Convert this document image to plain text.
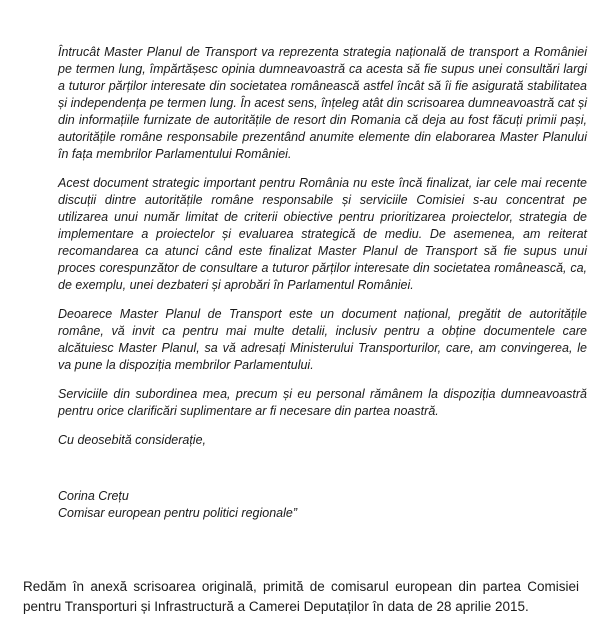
Întrucât Master Planul de Transport va reprezenta strategia națională de transport a României pe termen lung, împărtășesc opinia dumneavoastră ca acesta să fie supus unei consultări largi a tuturor părților interesate din societatea românească astfel încât să îi fie asigurată stabilitatea și independența pe termen lung. În acest sens, înțeleg atât din scrisoarea dumneavoastră cat și din informațiile furnizate de autoritățile de resort din Romania că deja au fost făcuți primii pași, autoritățile române responsabile prezentând anumite elemente din elaborarea Master Planului în fața membrilor Parlamentului României.

Acest document strategic important pentru România nu este încă finalizat, iar cele mai recente discuții dintre autoritățile române responsabile și serviciile Comisiei s-au concentrat pe utilizarea unui număr limitat de criterii obiective pentru prioritizarea proiectelor, strategia de implementare a proiectelor și evaluarea strategică de mediu. De asemenea, am reiterat recomandarea ca atunci când este finalizat Master Planul de Transport să fie supus unui proces corespunzător de consultare a tuturor părților interesate din societatea românească, ca, de exemplu, unei dezbateri și aprobări în Parlamentul României.

Deoarece Master Planul de Transport este un document național, pregătit de autoritățile române, vă invit ca pentru mai multe detalii, inclusiv pentru a obține documentele care alcătuiesc Master Planul, sa vă adresați Ministerului Transporturilor, care, am convingerea, le va pune la dispoziția membrilor Parlamentului.

Serviciile din subordinea mea, precum și eu personal rămânem la dispoziția dumneavoastră pentru orice clarificări suplimentare ar fi necesare din partea noastră.

Cu deosebită considerație,

Corina Crețu

Comisar european pentru politici regionale”

Redăm în anexă scrisoarea originală, primită de comisarul european din partea Comisiei pentru Transporturi și Infrastructură a Camerei Deputaților în data de 28 aprilie 2015.
